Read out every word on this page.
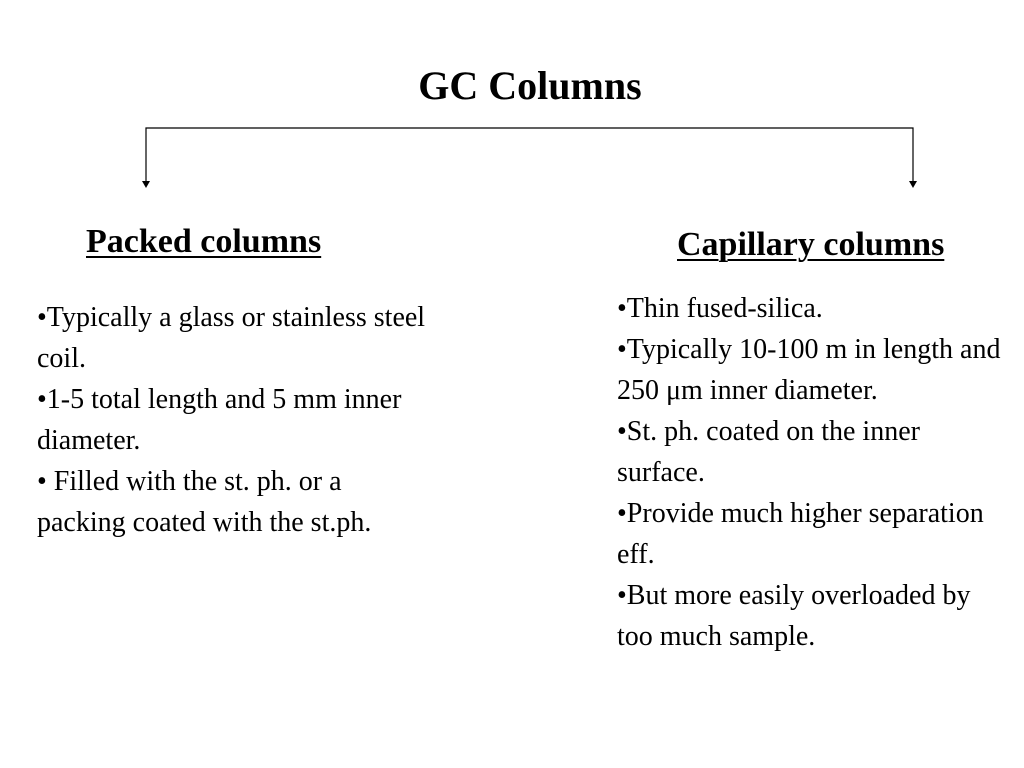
GC Columns
Packed columns
•Typically a glass or stainless steel coil.
•1-5 total length and 5 mm inner diameter.
• Filled with the st. ph. or a packing coated with the st.ph.
Capillary columns
•Thin fused-silica.
•Typically 10-100 m in length and 250 μm inner diameter.
•St. ph. coated on the inner surface.
•Provide much higher separation eff.
•But more easily overloaded by too much sample.
